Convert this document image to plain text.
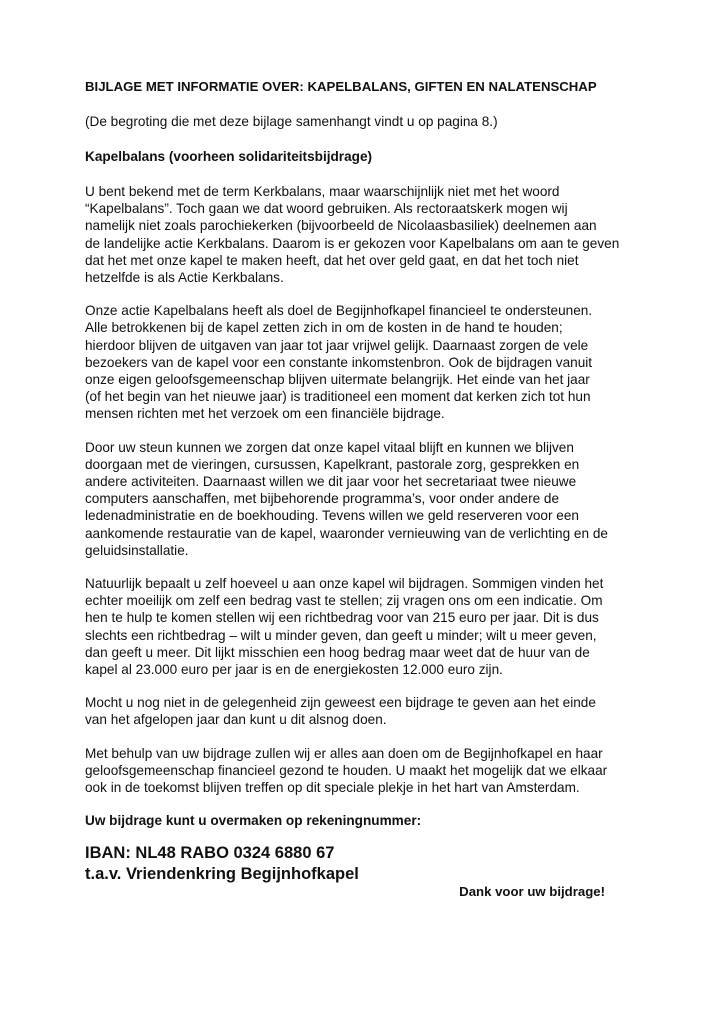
BIJLAGE MET INFORMATIE OVER: KAPELBALANS, GIFTEN EN NALATENSCHAP
(De begroting die met deze bijlage samenhangt vindt u op pagina 8.)
Kapelbalans (voorheen solidariteitsbijdrage)
U bent bekend met de term Kerkbalans, maar waarschijnlijk niet met het woord
“Kapelbalans”. Toch gaan we dat woord gebruiken. Als rectoraatskerk mogen wij
namelijk niet zoals parochiekerken (bijvoorbeeld de Nicolaasbasiliek) deelnemen aan
de landelijke actie Kerkbalans. Daarom is er gekozen voor Kapelbalans om aan te geven
dat het met onze kapel te maken heeft, dat het over geld gaat, en dat het toch niet
hetzelfde is als Actie Kerkbalans.
Onze actie Kapelbalans heeft als doel de Begijnhofkapel financieel te ondersteunen.
Alle betrokkenen bij de kapel zetten zich in om de kosten in de hand te houden;
hierdoor blijven de uitgaven van jaar tot jaar vrijwel gelijk. Daarnaast zorgen de vele
bezoekers van de kapel voor een constante inkomstenbron. Ook de bijdragen vanuit
onze eigen geloofsgemeenschap blijven uitermate belangrijk. Het einde van het jaar
(of het begin van het nieuwe jaar) is traditioneel een moment dat kerken zich tot hun
mensen richten met het verzoek om een financiële bijdrage.
Door uw steun kunnen we zorgen dat onze kapel vitaal blijft en kunnen we blijven
doorgaan met de vieringen, cursussen, Kapelkrant, pastorale zorg, gesprekken en
andere activiteiten. Daarnaast willen we dit jaar voor het secretariaat twee nieuwe
computers aanschaffen, met bijbehorende programma’s, voor onder andere de
ledenadministratie en de boekhouding. Tevens willen we geld reserveren voor een
aankomende restauratie van de kapel, waaronder vernieuwing van de verlichting en de
geluidsinstallatie.
Natuurlijk bepaalt u zelf hoeveel u aan onze kapel wil bijdragen. Sommigen vinden het
echter moeilijk om zelf een bedrag vast te stellen; zij vragen ons om een indicatie. Om
hen te hulp te komen stellen wij een richtbedrag voor van 215 euro per jaar. Dit is dus
slechts een richtbedrag – wilt u minder geven, dan geeft u minder; wilt u meer geven,
dan geeft u meer. Dit lijkt misschien een hoog bedrag maar weet dat de huur van de
kapel al 23.000 euro per jaar is en de energiekosten 12.000 euro zijn.
Mocht u nog niet in de gelegenheid zijn geweest een bijdrage te geven aan het einde
van het afgelopen jaar dan kunt u dit alsnog doen.
Met behulp van uw bijdrage zullen wij er alles aan doen om de Begijnhofkapel en haar
geloofsgemeenschap financieel gezond te houden. U maakt het mogelijk dat we elkaar
ook in de toekomst blijven treffen op dit speciale plekje in het hart van Amsterdam.
Uw bijdrage kunt u overmaken op rekeningnummer:
IBAN: NL48 RABO 0324 6880 67
t.a.v. Vriendenkring Begijnhofkapel
Dank voor uw bijdrage!
